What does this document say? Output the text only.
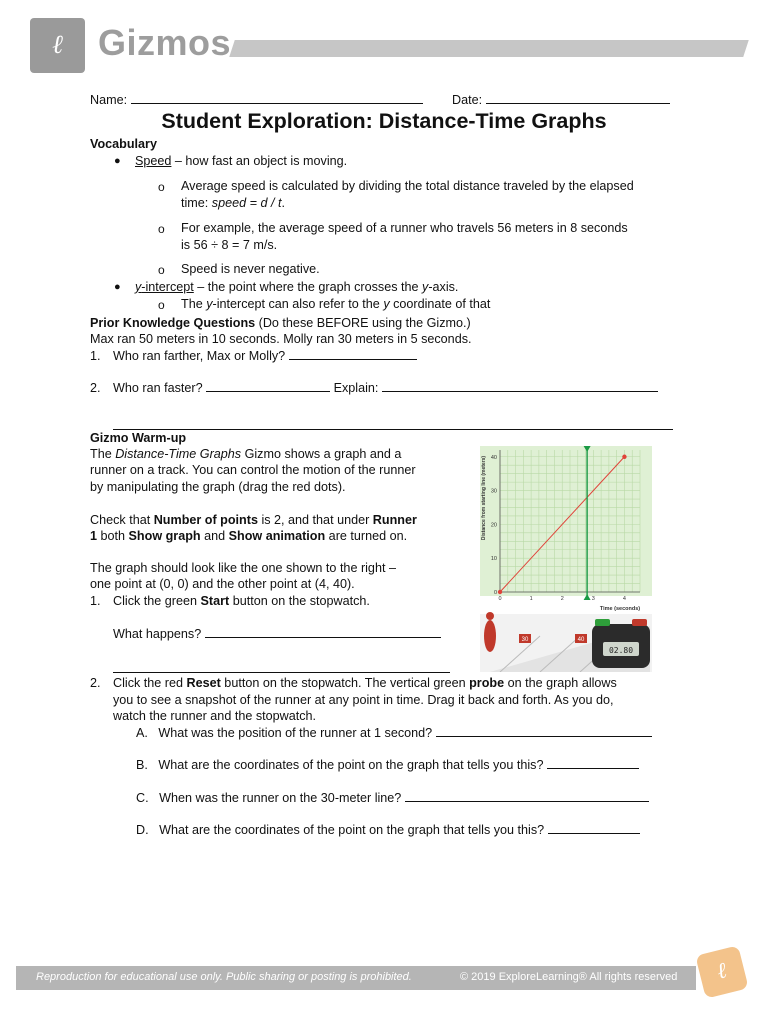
ℓ Gizmos
Name:	Date:
Student Exploration: Distance-Time Graphs
Vocabulary
● Speed – how fast an object is moving.
o Average speed is calculated by dividing the total distance traveled by the elapsed
time: speed = d / t.
o For example, the average speed of a runner who travels 56 meters in 8 seconds
is 56 ÷ 8 = 7 m/s.
o Speed is never negative.
● y-intercept – the point where the graph crosses the y-axis.
o The y-intercept can also refer to the y coordinate of that
Prior Knowledge Questions (Do these BEFORE using the Gizmo.)
Max ran 50 meters in 10 seconds. Molly ran 30 meters in 5 seconds.
1. Who ran farther, Max or Molly?
2. Who ran faster?	Explain:
Gizmo Warm-up
The Distance-Time Graphs Gizmo shows a graph and a
runner on a track. You can control the motion of the runner
by manipulating the graph (drag the red dots).
Check that Number of points is 2, and that under Runner
1 both Show graph and Show animation are turned on.
The graph should look like the one shown to the right –
one point at (0, 0) and the other point at (4, 40).
1. Click the green Start button on the stopwatch.
What happens?
2. Click the red Reset button on the stopwatch. The vertical green probe on the graph allows
you to see a snapshot of the runner at any point in time. Drag it back and forth. As you do,
watch the runner and the stopwatch.
A. What was the position of the runner at 1 second?
B. What are the coordinates of the point on the graph that tells you this?
C. When was the runner on the 30-meter line?
D. What are the coordinates of the point on the graph that tells you this?
0	1	2	3	4
0
10
20
30
40
Distance from starting line (meters)
Time (seconds)
30	40
02.80
Reproduction for educational use only. Public sharing or posting is prohibited.	© 2019 ExploreLearning® All rights reserved	ℓ
